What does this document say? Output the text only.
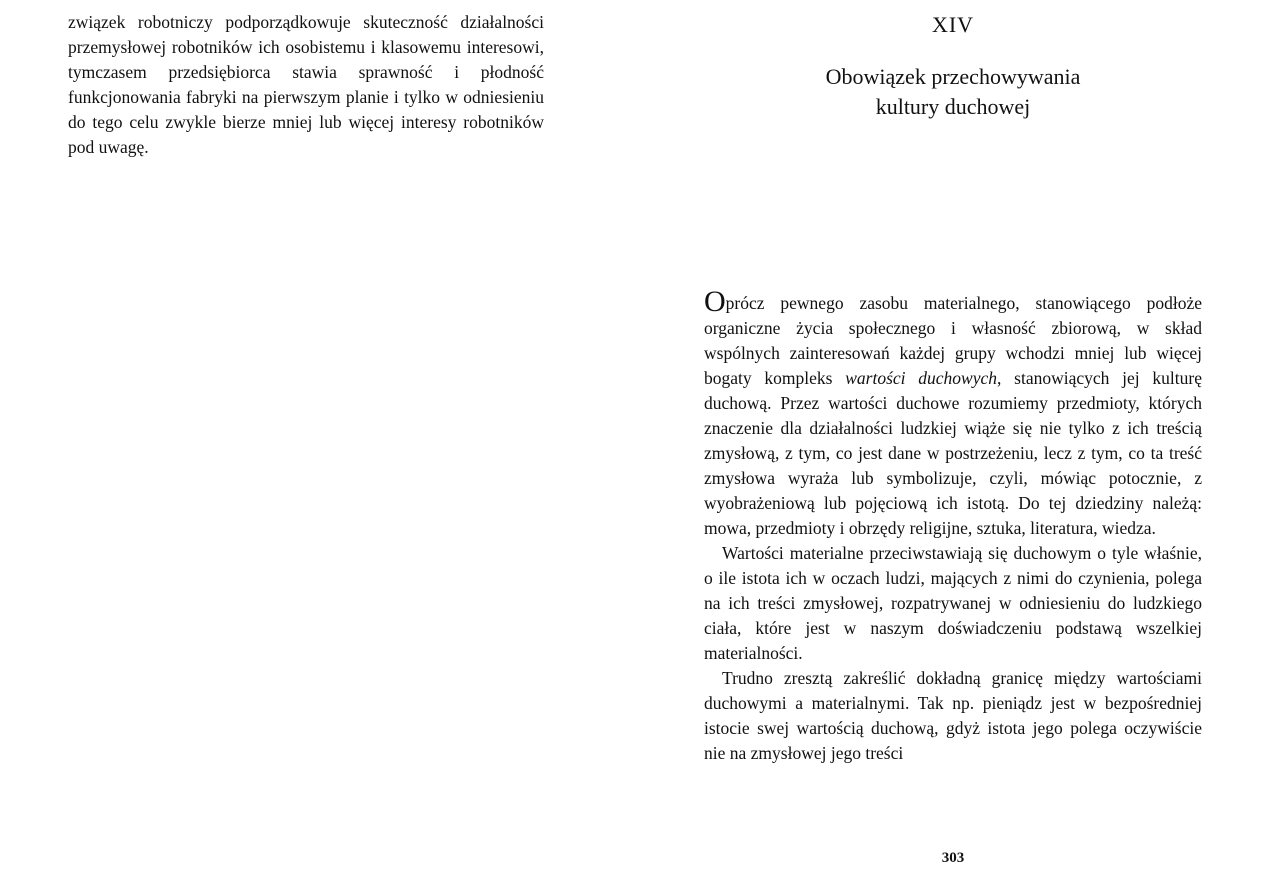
związek robotniczy podporządkowuje skuteczność działalności przemysłowej robotników ich osobistemu i klasowemu interesowi, tymczasem przedsiębiorca stawia sprawność i płodność funkcjonowania fabryki na pierwszym planie i tylko w odniesieniu do tego celu zwykle bierze mniej lub więcej interesy robotników pod uwagę.

XIV
Obowiązek przechowywania
kultury duchowej

Oprócz pewnego zasobu materialnego, stanowiącego podłoże organiczne życia społecznego i własność zbiorową, w skład wspólnych zainteresowań każdej grupy wchodzi mniej lub więcej bogaty kompleks wartości duchowych, stanowiących jej kulturę duchową. Przez wartości duchowe rozumiemy przedmioty, których znaczenie dla działalności ludzkiej wiąże się nie tylko z ich treścią zmysłową, z tym, co jest dane w postrzeżeniu, lecz z tym, co ta treść zmysłowa wyraża lub symbolizuje, czyli, mówiąc potocznie, z wyobrażeniową lub pojęciową ich istotą. Do tej dziedziny należą: mowa, przedmioty i obrzędy religijne, sztuka, literatura, wiedza.

Wartości materialne przeciwstawiają się duchowym o tyle właśnie, o ile istota ich w oczach ludzi, mających z nimi do czynienia, polega na ich treści zmysłowej, rozpatrywanej w odniesieniu do ludzkiego ciała, które jest w naszym doświadczeniu podstawą wszelkiej materialności.

Trudno zresztą zakreślić dokładną granicę między wartościami duchowymi a materialnymi. Tak np. pieniądz jest w bezpośredniej istocie swej wartością duchową, gdyż istota jego polega oczywiście nie na zmysłowej jego treści

303
